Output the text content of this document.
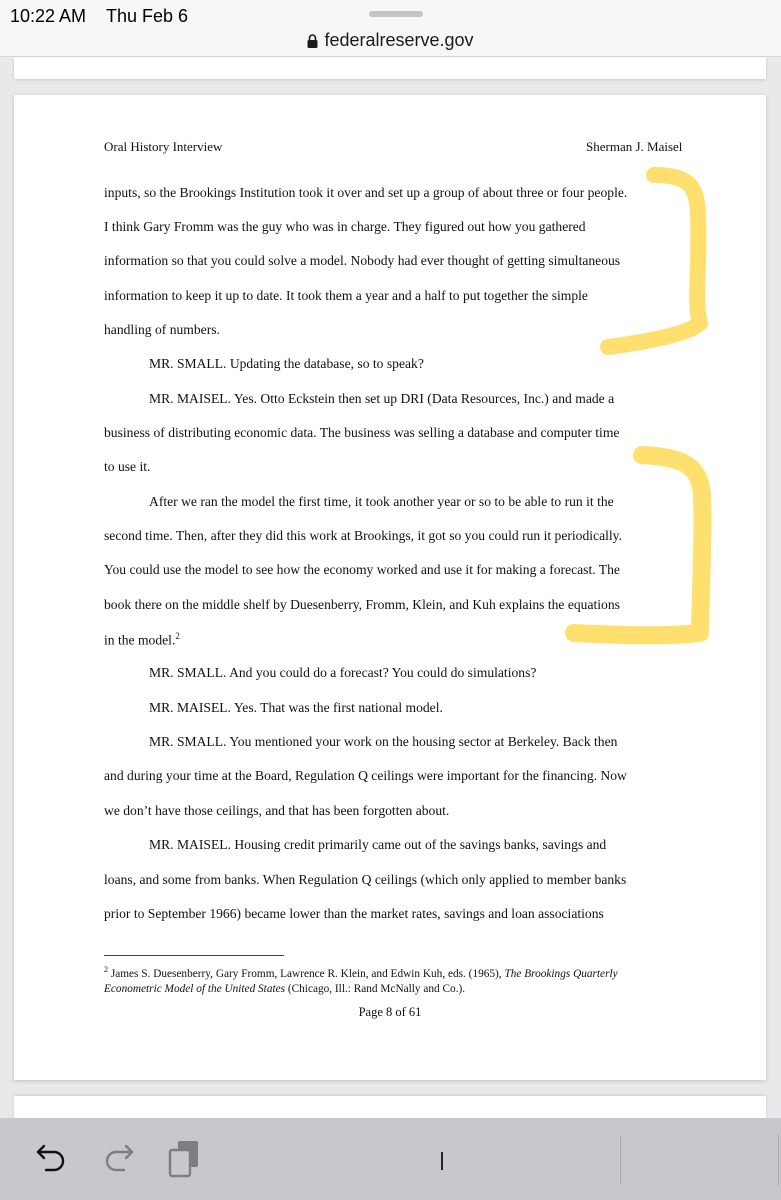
10:22 AM Thu Feb 6
federalreserve.gov
Oral History Interview	Sherman J. Maisel
inputs, so the Brookings Institution took it over and set up a group of about three or four people.
I think Gary Fromm was the guy who was in charge. They figured out how you gathered
information so that you could solve a model. Nobody had ever thought of getting simultaneous
information to keep it up to date. It took them a year and a half to put together the simple
handling of numbers.
MR. SMALL. Updating the database, so to speak?
MR. MAISEL. Yes. Otto Eckstein then set up DRI (Data Resources, Inc.) and made a
business of distributing economic data. The business was selling a database and computer time
to use it.
After we ran the model the first time, it took another year or so to be able to run it the
second time. Then, after they did this work at Brookings, it got so you could run it periodically.
You could use the model to see how the economy worked and use it for making a forecast. The
book there on the middle shelf by Duesenberry, Fromm, Klein, and Kuh explains the equations
in the model.$^2$
MR. SMALL. And you could do a forecast? You could do simulations?
MR. MAISEL. Yes. That was the first national model.
MR. SMALL. You mentioned your work on the housing sector at Berkeley. Back then
and during your time at the Board, Regulation Q ceilings were important for the financing. Now
we don’t have those ceilings, and that has been forgotten about.
MR. MAISEL. Housing credit primarily came out of the savings banks, savings and
loans, and some from banks. When Regulation Q ceilings (which only applied to member banks
prior to September 1966) became lower than the market rates, savings and loan associations
$^2$ James S. Duesenberry, Gary Fromm, Lawrence R. Klein, and Edwin Kuh, eds. (1965), The Brookings Quarterly
Econometric Model of the United States (Chicago, Ill.: Rand McNally and Co.).
Page 8 of 61
